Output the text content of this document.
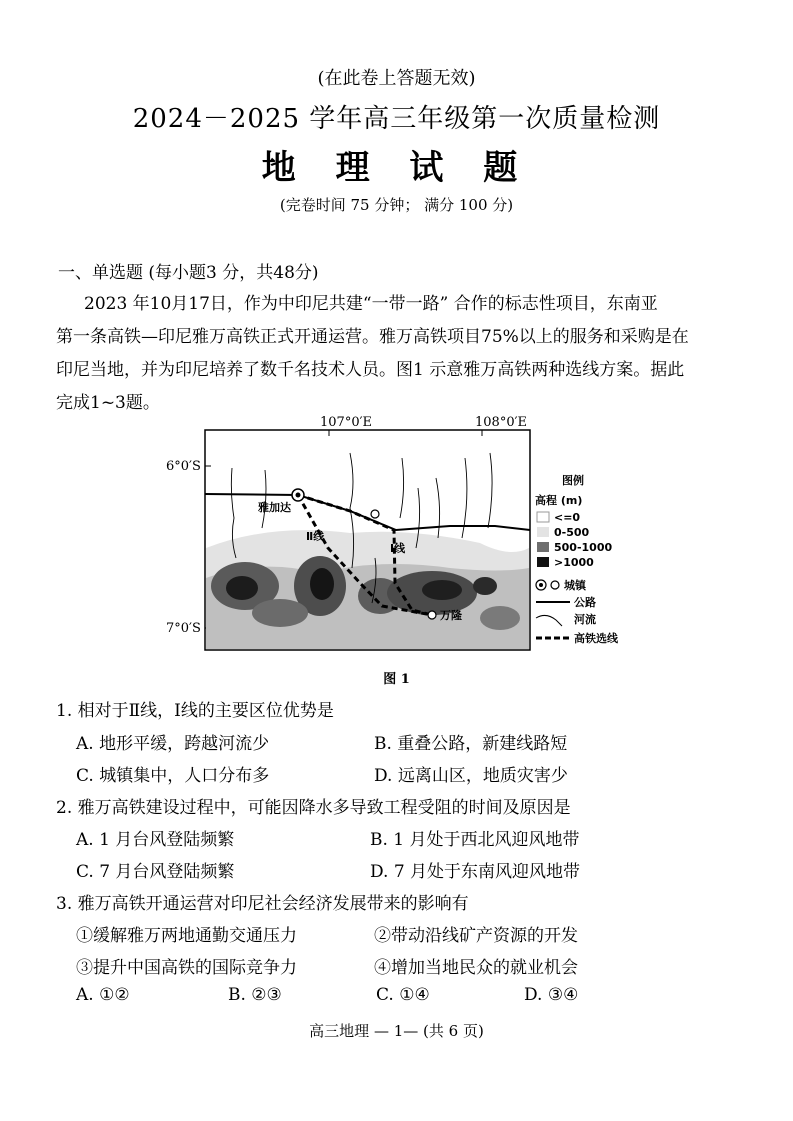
(在此卷上答题无效)
2024－2025 学年高三年级第一次质量检测
地 理 试 题
(完卷时间 75 分钟； 满分 100 分)
一、单选题 (每小题3 分，共48分)
2023 年10月17日，作为中印尼共建“一带一路” 合作的标志性项目，东南亚
第一条高铁—印尼雅万高铁正式开通运营。雅万高铁项目75%以上的服务和采购是在
印尼当地，并为印尼培养了数千名技术人员。图1 示意雅万高铁两种选线方案。据此
完成1~3题。
107°0′E	108°0′E
6°0′S
7°0′S
雅加达
万隆
Ⅰ线
Ⅱ线
图例
高程 (m)
<=0
0-500
500-1000
>1000
城镇
公路
河流
高铁选线
图 1
1. 相对于Ⅱ线，Ⅰ线的主要区位优势是
A. 地形平缓，跨越河流少	B. 重叠公路，新建线路短
C. 城镇集中，人口分布多	D. 远离山区，地质灾害少
2. 雅万高铁建设过程中，可能因降水多导致工程受阻的时间及原因是
A. 1 月台风登陆频繁	B. 1 月处于西北风迎风地带
C. 7 月台风登陆频繁	D. 7 月处于东南风迎风地带
3. 雅万高铁开通运营对印尼社会经济发展带来的影响有
①缓解雅万两地通勤交通压力	②带动沿线矿产资源的开发
③提升中国高铁的国际竞争力	④增加当地民众的就业机会
A. ①②	B. ②③	C. ①④	D. ③④
高三地理 — 1— (共 6 页)
